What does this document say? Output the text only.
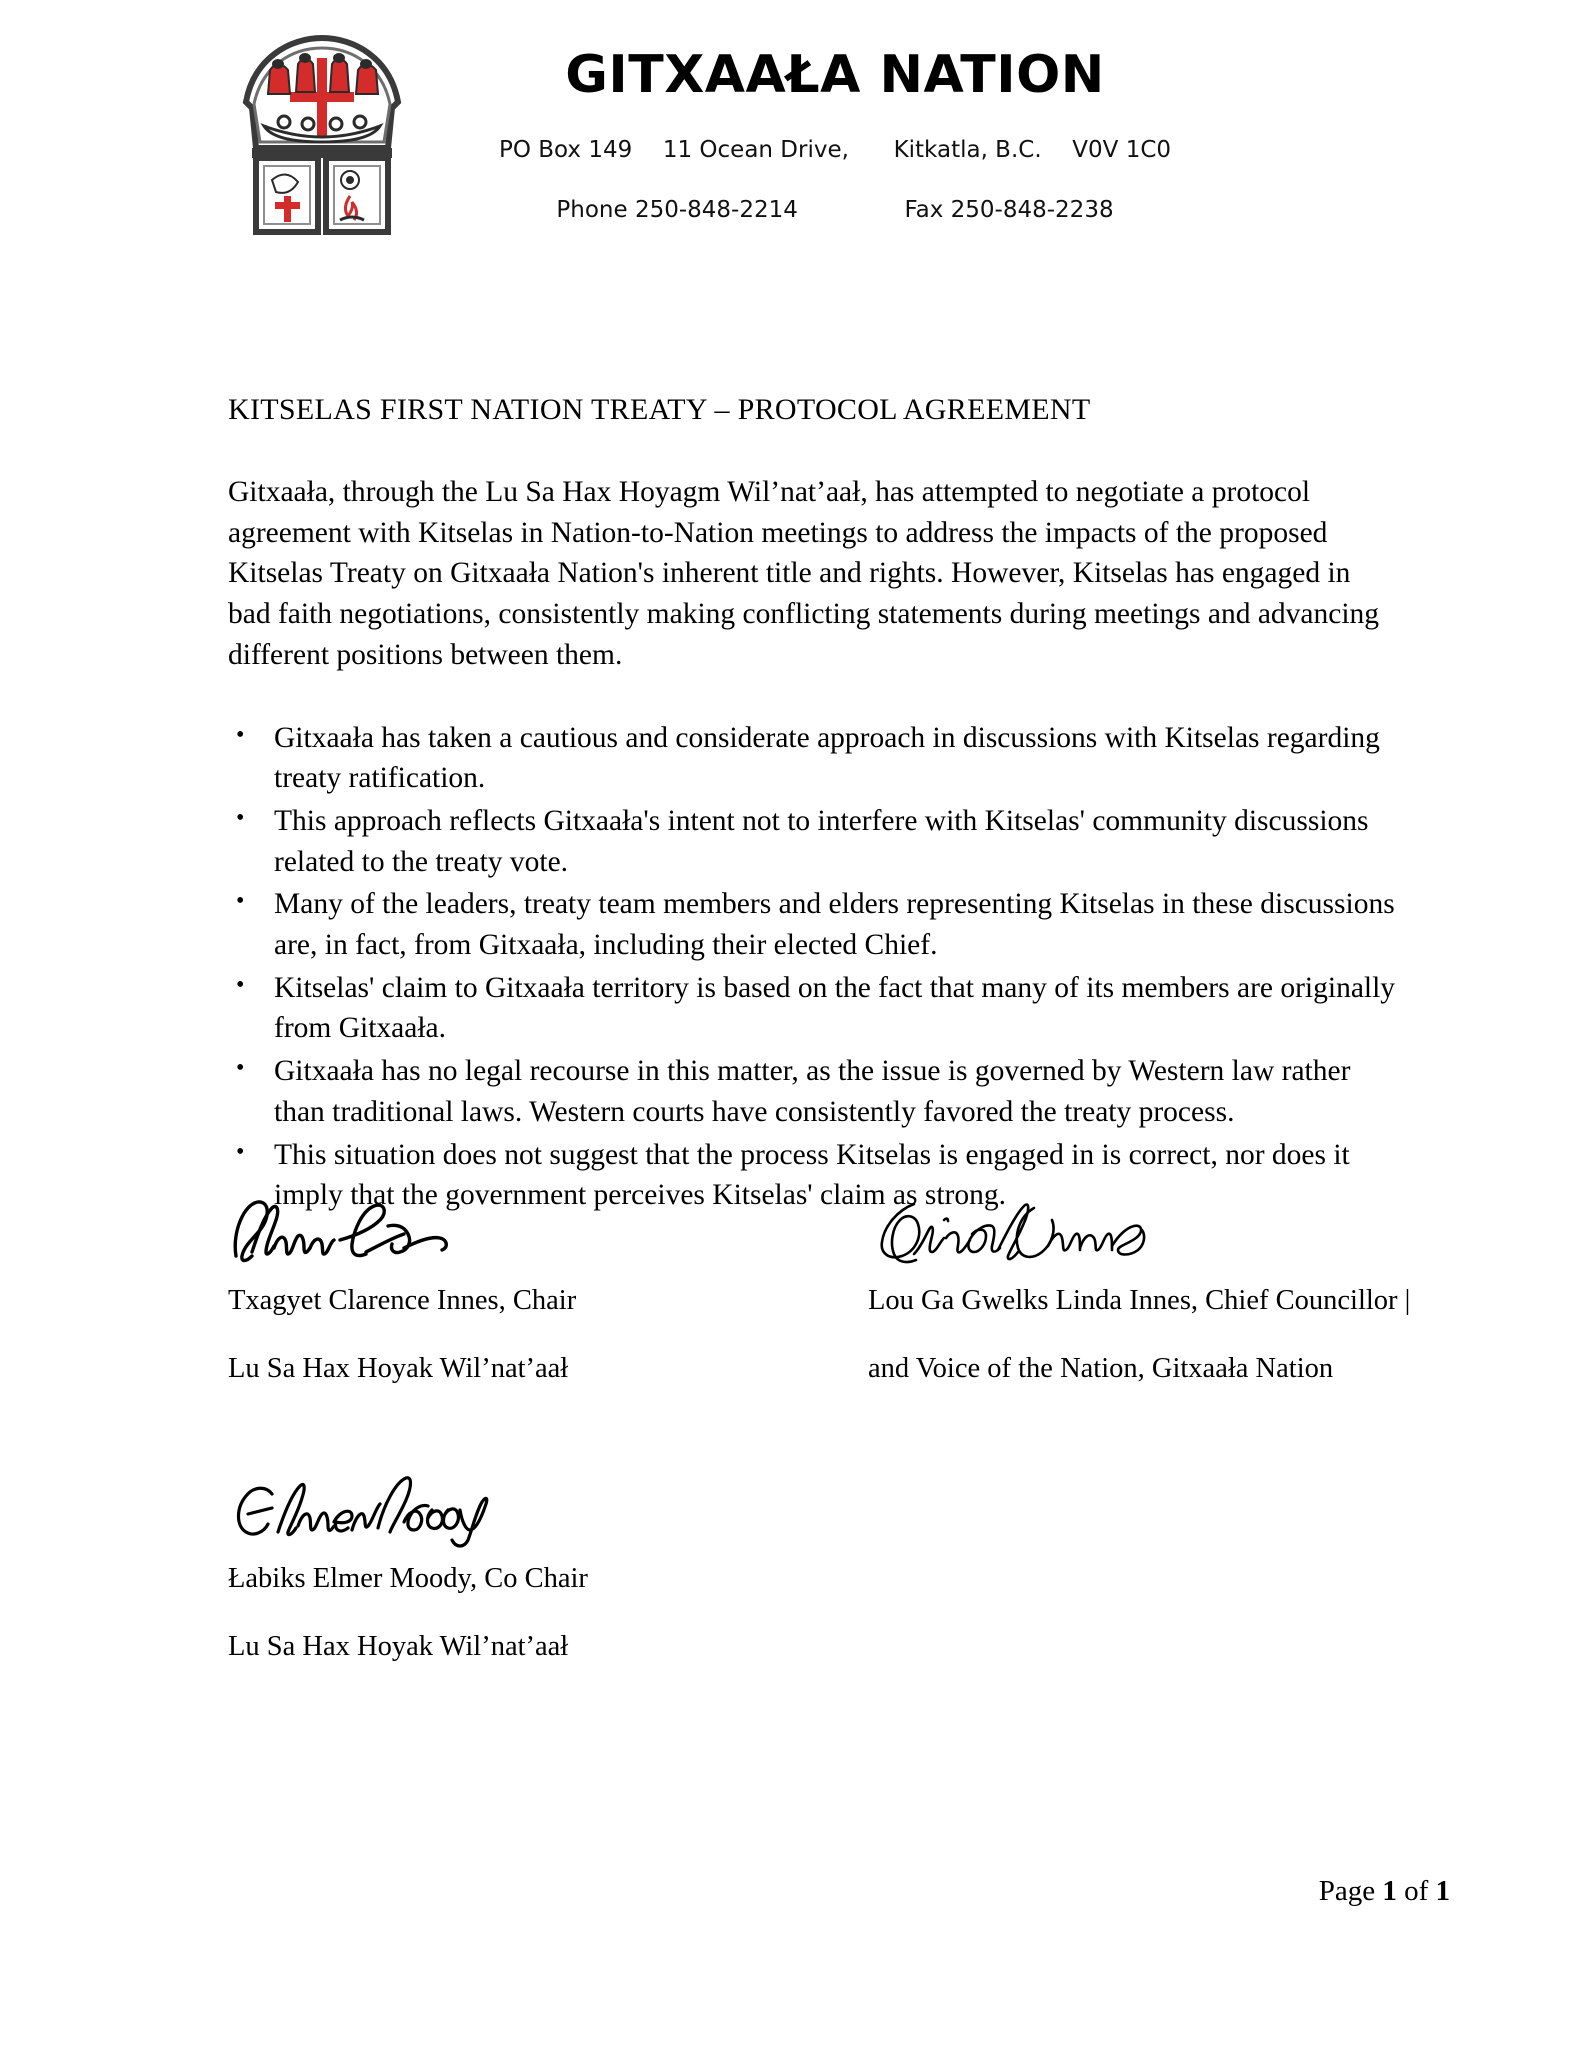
GITXAAŁA NATION
PO Box 149 11 Ocean Drive, Kitkatla, B.C. V0V 1C0
Phone 250-848-2214	Fax 250-848-2238
KITSELAS FIRST NATION TREATY – PROTOCOL AGREEMENT

Gitxaała, through the Lu Sa Hax Hoyagm Wil’nat’aał, has attempted to negotiate a protocol agreement with Kitselas in Nation-to-Nation meetings to address the impacts of the proposed Kitselas Treaty on Gitxaała Nation's inherent title and rights. However, Kitselas has engaged in bad faith negotiations, consistently making conflicting statements during meetings and advancing different positions between them.

• Gitxaała has taken a cautious and considerate approach in discussions with Kitselas regarding treaty ratification.
• This approach reflects Gitxaała's intent not to interfere with Kitselas' community discussions related to the treaty vote.
• Many of the leaders, treaty team members and elders representing Kitselas in these discussions are, in fact, from Gitxaała, including their elected Chief.
• Kitselas' claim to Gitxaała territory is based on the fact that many of its members are originally from Gitxaała.
• Gitxaała has no legal recourse in this matter, as the issue is governed by Western law rather than traditional laws. Western courts have consistently favored the treaty process.
• This situation does not suggest that the process Kitselas is engaged in is correct, nor does it imply that the government perceives Kitselas' claim as strong.
Txagyet Clarence Innes, Chair
Lu Sa Hax Hoyak Wil’nat’aał
Lou Ga Gwelks Linda Innes, Chief Councillor |
and Voice of the Nation, Gitxaała Nation
Łabiks Elmer Moody, Co Chair
Lu Sa Hax Hoyak Wil’nat’aał
Page 1 of 1
